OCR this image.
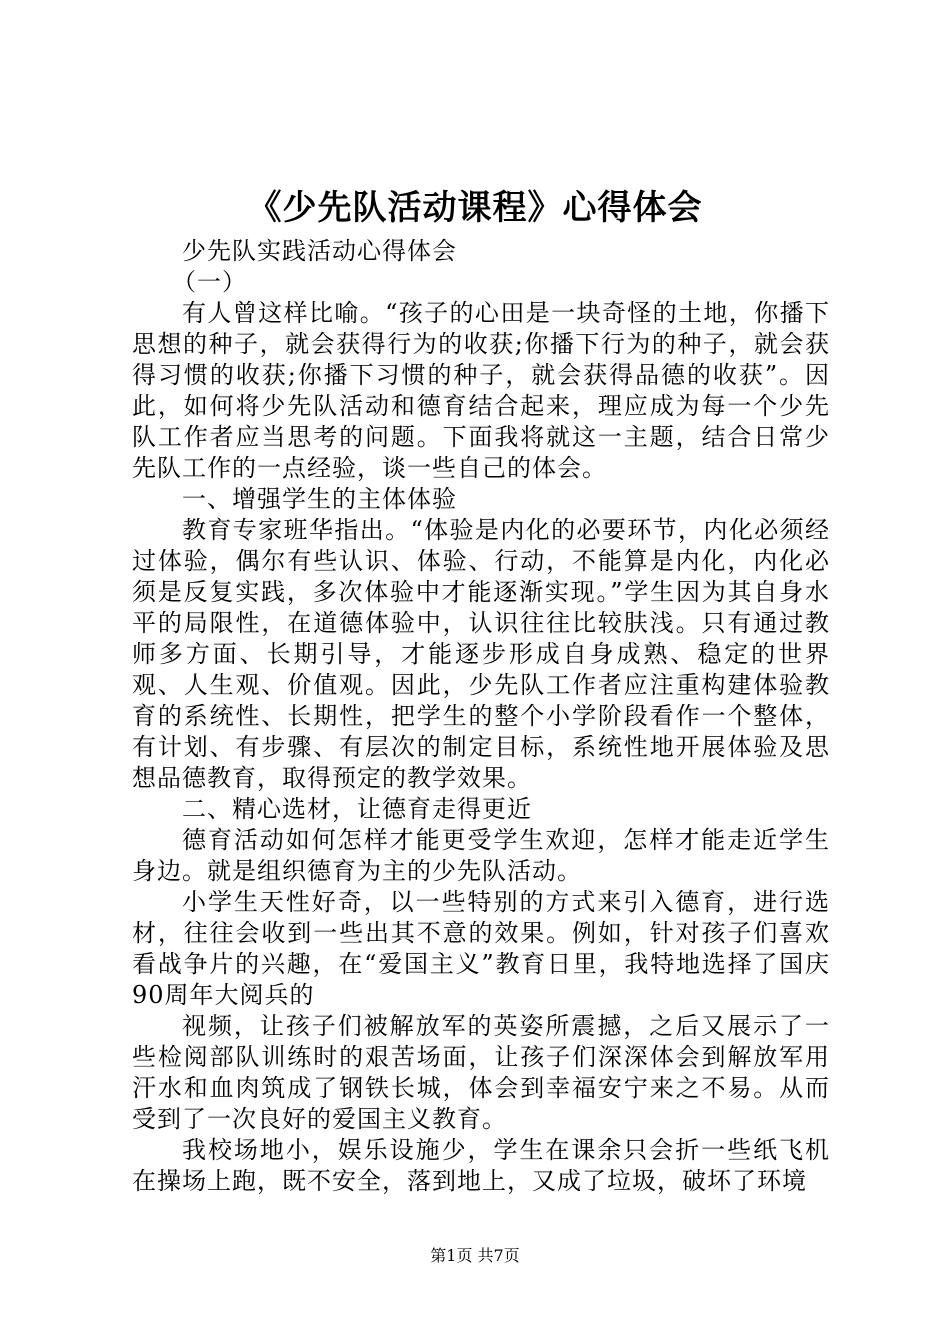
《少先队活动课程》心得体会

少先队实践活动心得体会

（一）

有人曾这样比喻。“孩子的心田是一块奇怪的土地，你播下思想的种子，就会获得行为的收获;你播下行为的种子，就会获得习惯的收获;你播下习惯的种子，就会获得品德的收获”。因此，如何将少先队活动和德育结合起来，理应成为每一个少先队工作者应当思考的问题。下面我将就这一主题，结合日常少先队工作的一点经验，谈一些自己的体会。

一、增强学生的主体体验

教育专家班华指出。“体验是内化的必要环节，内化必须经过体验，偶尔有些认识、体验、行动，不能算是内化，内化必须是反复实践，多次体验中才能逐渐实现。”学生因为其自身水平的局限性，在道德体验中，认识往往比较肤浅。只有通过教师多方面、长期引导，才能逐步形成自身成熟、稳定的世界观、人生观、价值观。因此，少先队工作者应注重构建体验教育的系统性、长期性，把学生的整个小学阶段看作一个整体，有计划、有步骤、有层次的制定目标，系统性地开展体验及思想品德教育，取得预定的教学效果。

二、精心选材，让德育走得更近

德育活动如何怎样才能更受学生欢迎，怎样才能走近学生身边。就是组织德育为主的少先队活动。

小学生天性好奇，以一些特别的方式来引入德育，进行选材，往往会收到一些出其不意的效果。例如，针对孩子们喜欢看战争片的兴趣，在“爱国主义”教育日里，我特地选择了国庆90周年大阅兵的

视频，让孩子们被解放军的英姿所震撼，之后又展示了一些检阅部队训练时的艰苦场面，让孩子们深深体会到解放军用汗水和血肉筑成了钢铁长城，体会到幸福安宁来之不易。从而受到了一次良好的爱国主义教育。

我校场地小，娱乐设施少，学生在课余只会折一些纸飞机在操场上跑，既不安全，落到地上，又成了垃圾，破坏了环境

第1页 共7页
